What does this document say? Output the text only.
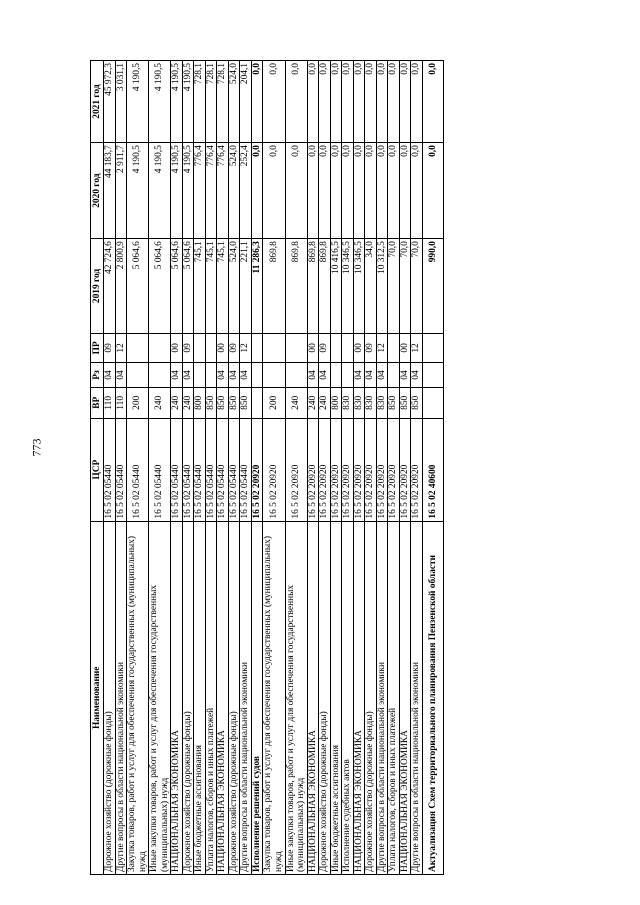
773
Наименование	ЦСР	ВР	Рз	ПР	2019 год	2020 год	2021 год
Дорожное хозяйство (дорожные фонды)	16 5 02 05440	110	04	09	42 724,6	44 183,7	45 972,3
Другие вопросы в области национальной экономики	16 5 02 05440	110	04	12	2 800,9	2 911,7	3 031,1
Закупка товаров, работ и услуг для обеспечения государственных (муниципальных) нужд	16 5 02 05440	200			5 064,6	4 190,5	4 190,5
Иные закупки товаров, работ и услуг для обеспечения государственных (муниципальных) нужд	16 5 02 05440	240			5 064,6	4 190,5	4 190,5
НАЦИОНАЛЬНАЯ ЭКОНОМИКА	16 5 02 05440	240	04	00	5 064,6	4 190,5	4 190,5
Дорожное хозяйство (дорожные фонды)	16 5 02 05440	240	04	09	5 064,6	4 190,5	4 190,5
Иные бюджетные ассигнования	16 5 02 05440	800			745,1	776,4	728,1
Уплата налогов, сборов и иных платежей	16 5 02 05440	850			745,1	776,4	728,1
НАЦИОНАЛЬНАЯ ЭКОНОМИКА	16 5 02 05440	850	04	00	745,1	776,4	728,1
Дорожное хозяйство (дорожные фонды)	16 5 02 05440	850	04	09	524,0	524,0	524,0
Другие вопросы в области национальной экономики	16 5 02 05440	850	04	12	221,1	252,4	204,1
Исполнение решений судов	16 5 02 20920				11 286,3	0,0	0,0
Закупка товаров, работ и услуг для обеспечения государственных (муниципальных) нужд	16 5 02 20920	200			869,8	0,0	0,0
Иные закупки товаров, работ и услуг для обеспечения государственных (муниципальных) нужд	16 5 02 20920	240			869,8	0,0	0,0
НАЦИОНАЛЬНАЯ ЭКОНОМИКА	16 5 02 20920	240	04	00	869,8	0,0	0,0
Дорожное хозяйство (дорожные фонды)	16 5 02 20920	240	04	09	869,8	0,0	0,0
Иные бюджетные ассигнования	16 5 02 20920	800			10 416,5	0,0	0,0
Исполнение судебных актов	16 5 02 20920	830			10 346,5	0,0	0,0
НАЦИОНАЛЬНАЯ ЭКОНОМИКА	16 5 02 20920	830	04	00	10 346,5	0,0	0,0
Дорожное хозяйство (дорожные фонды)	16 5 02 20920	830	04	09	34,0	0,0	0,0
Другие вопросы в области национальной экономики	16 5 02 20920	830	04	12	10 312,5	0,0	0,0
Уплата налогов, сборов и иных платежей	16 5 02 20920	850			70,0	0,0	0,0
НАЦИОНАЛЬНАЯ ЭКОНОМИКА	16 5 02 20920	850	04	00	70,0	0,0	0,0
Другие вопросы в области национальной экономики	16 5 02 20920	850	04	12	70,0	0,0	0,0
Актуализация Схем территориального планирования Пензенской области	16 5 02 40600				990,0	0,0	0,0
